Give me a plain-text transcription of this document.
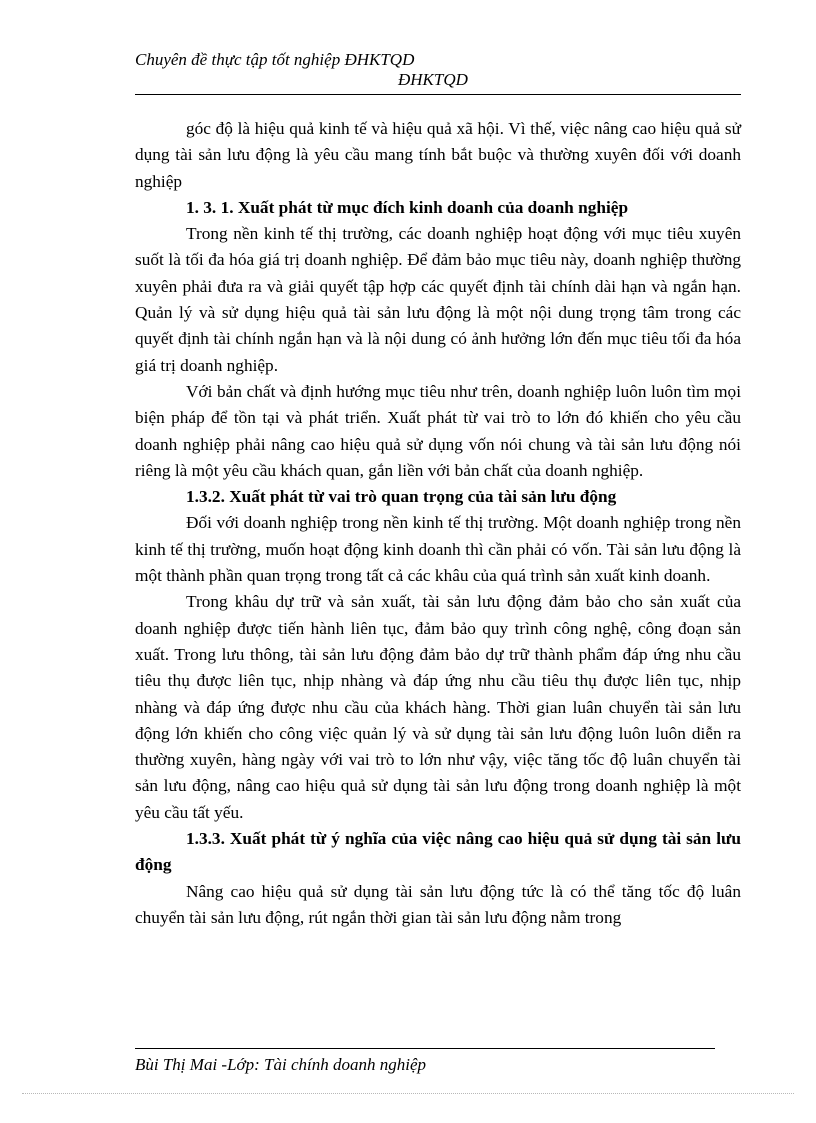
Chuyên đề thực tập tốt nghiệp ĐHKTQD
ĐHKTQD

góc độ là hiệu quả kinh tế và hiệu quả xã hội. Vì thế, việc nâng cao hiệu quả sử dụng tài sản lưu động là yêu cầu mang tính bắt buộc và thường xuyên đối với doanh nghiệp

1. 3. 1. Xuất phát từ mục đích kinh doanh của doanh nghiệp

Trong nền kinh tế thị trường, các doanh nghiệp hoạt động với mục tiêu xuyên suốt là tối đa hóa giá trị doanh nghiệp. Để đảm bảo mục tiêu này, doanh nghiệp thường xuyên phải đưa ra và giải quyết tập hợp các quyết định tài chính dài hạn và ngắn hạn. Quản lý và sử dụng hiệu quả tài sản lưu động là một nội dung trọng tâm trong các quyết định tài chính ngắn hạn và là nội dung có ảnh hưởng lớn đến mục tiêu tối đa hóa giá trị doanh nghiệp.

Với bản chất và định hướng mục tiêu như trên, doanh nghiệp luôn luôn tìm mọi biện pháp để tồn tại và phát triển. Xuất phát từ vai trò to lớn đó khiến cho yêu cầu doanh nghiệp phải nâng cao hiệu quả sử dụng vốn nói chung và tài sản lưu động nói riêng là một yêu cầu khách quan, gắn liền với bản chất của doanh nghiệp.

1.3.2. Xuất phát từ vai trò quan trọng của tài sản lưu động

Đối với doanh nghiệp trong nền kinh tế thị trường. Một doanh nghiệp trong nền kinh tế thị trường, muốn hoạt động kinh doanh thì cần phải có vốn. Tài sản lưu động là một thành phần quan trọng trong tất cả các khâu của quá trình sản xuất kinh doanh.

Trong khâu dự trữ và sản xuất, tài sản lưu động đảm bảo cho sản xuất của doanh nghiệp được tiến hành liên tục, đảm bảo quy trình công nghệ, công đoạn sản xuất. Trong lưu thông, tài sản lưu động đảm bảo dự trữ thành phẩm đáp ứng nhu cầu tiêu thụ được liên tục, nhịp nhàng và đáp ứng nhu cầu tiêu thụ được liên tục, nhịp nhàng và đáp ứng được nhu cầu của khách hàng. Thời gian luân chuyển tài sản lưu động lớn khiến cho công việc quản lý và sử dụng tài sản lưu động luôn luôn diễn ra thường xuyên, hàng ngày với vai trò to lớn như vậy, việc tăng tốc độ luân chuyển tài sản lưu động, nâng cao hiệu quả sử dụng tài sản lưu động trong doanh nghiệp là một yêu cầu tất yếu.

1.3.3. Xuất phát từ ý nghĩa của việc nâng cao hiệu quả sử dụng tài sản lưu động

Nâng cao hiệu quả sử dụng tài sản lưu động tức là có thể tăng tốc độ luân chuyển tài sản lưu động, rút ngắn thời gian tài sản lưu động nằm trong

Bùi Thị Mai -Lớp: Tài chính doanh nghiệp
